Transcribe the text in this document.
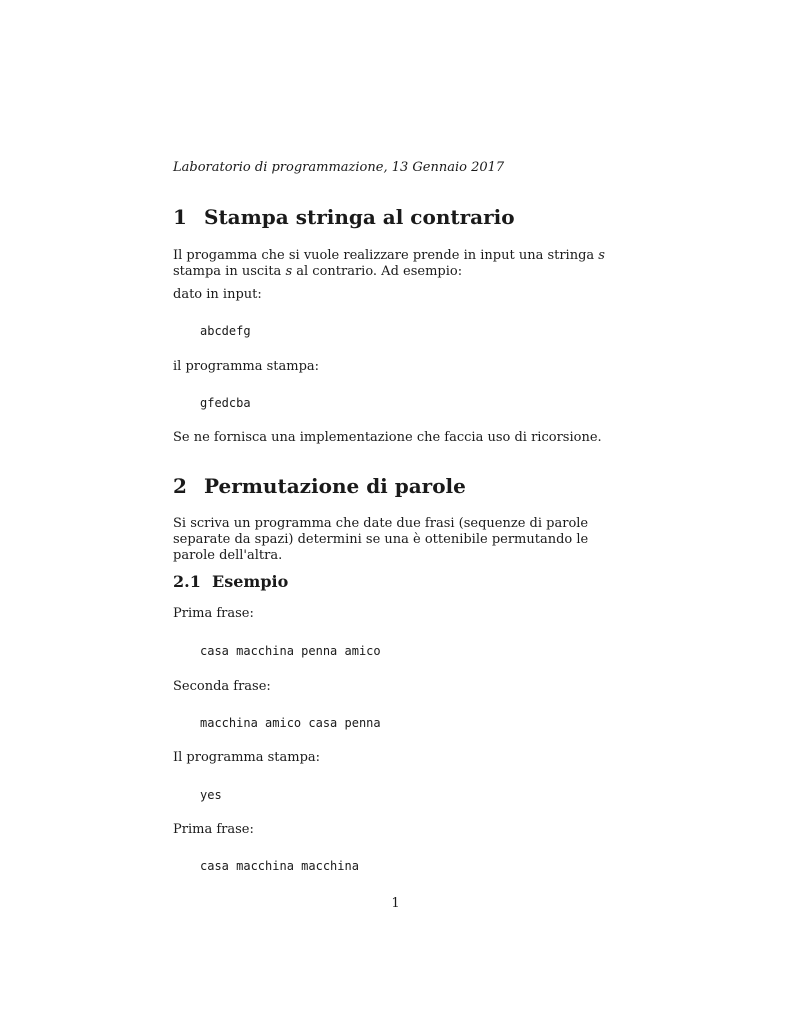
Laboratorio di programmazione, 13 Gennaio 2017
1 Stampa stringa al contrario
Il progamma che si vuole realizzare prende in input una stringa s stampa in uscita s al contrario. Ad esempio:
dato in input:
abcdefg
il programma stampa:
gfedcba
Se ne fornisca una implementazione che faccia uso di ricorsione.
2 Permutazione di parole
Si scriva un programma che date due frasi (sequenze di parole separate da spazi) determini se una è ottenibile permutando le parole dell'altra.
2.1 Esempio
Prima frase:
casa macchina penna amico
Seconda frase:
macchina amico casa penna
Il programma stampa:
yes
Prima frase:
casa macchina macchina
1
